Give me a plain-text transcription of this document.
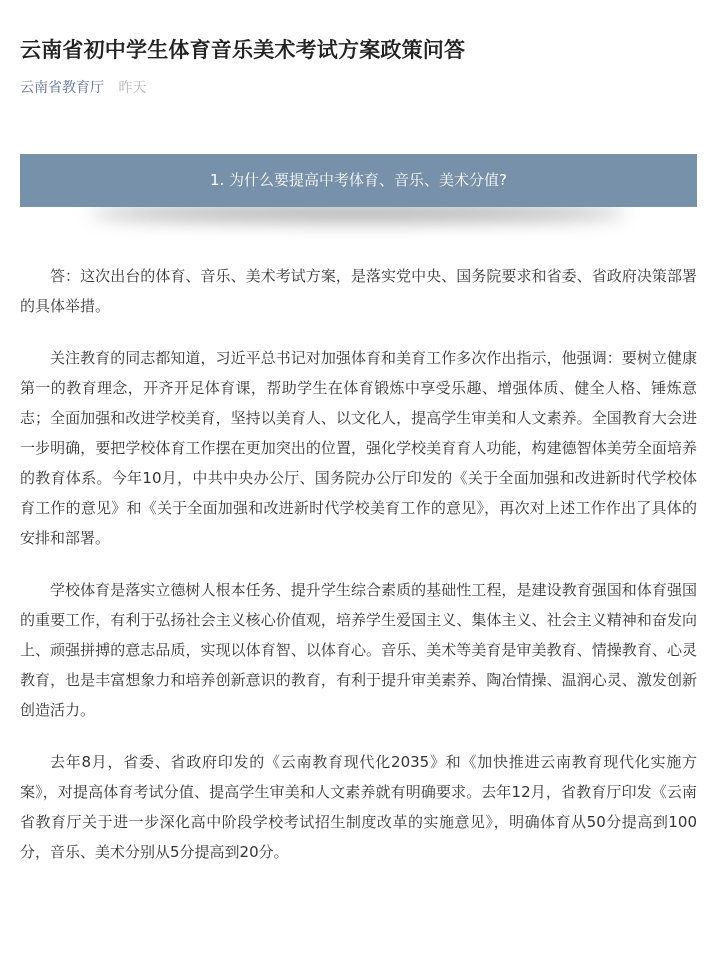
云南省初中学生体育音乐美术考试方案政策问答
云南省教育厅 昨天
1. 为什么要提高中考体育、音乐、美术分值?

答：这次出台的体育、音乐、美术考试方案，是落实党中央、国务院要求和省委、省政府决策部署的具体举措。

关注教育的同志都知道，习近平总书记对加强体育和美育工作多次作出指示，他强调：要树立健康第一的教育理念，开齐开足体育课，帮助学生在体育锻炼中享受乐趣、增强体质、健全人格、锤炼意志；全面加强和改进学校美育，坚持以美育人、以文化人，提高学生审美和人文素养。全国教育大会进一步明确，要把学校体育工作摆在更加突出的位置，强化学校美育育人功能，构建德智体美劳全面培养的教育体系。今年10月，中共中央办公厅、国务院办公厅印发的《关于全面加强和改进新时代学校体育工作的意见》和《关于全面加强和改进新时代学校美育工作的意见》，再次对上述工作作出了具体的安排和部署。

学校体育是落实立德树人根本任务、提升学生综合素质的基础性工程，是建设教育强国和体育强国的重要工作，有利于弘扬社会主义核心价值观，培养学生爱国主义、集体主义、社会主义精神和奋发向上、顽强拼搏的意志品质，实现以体育智、以体育心。音乐、美术等美育是审美教育、情操教育、心灵教育，也是丰富想象力和培养创新意识的教育，有利于提升审美素养、陶冶情操、温润心灵、激发创新创造活力。

去年8月，省委、省政府印发的《云南教育现代化2035》和《加快推进云南教育现代化实施方案》，对提高体育考试分值、提高学生审美和人文素养就有明确要求。去年12月，省教育厅印发《云南省教育厅关于进一步深化高中阶段学校考试招生制度改革的实施意见》，明确体育从50分提高到100分，音乐、美术分别从5分提高到20分。
